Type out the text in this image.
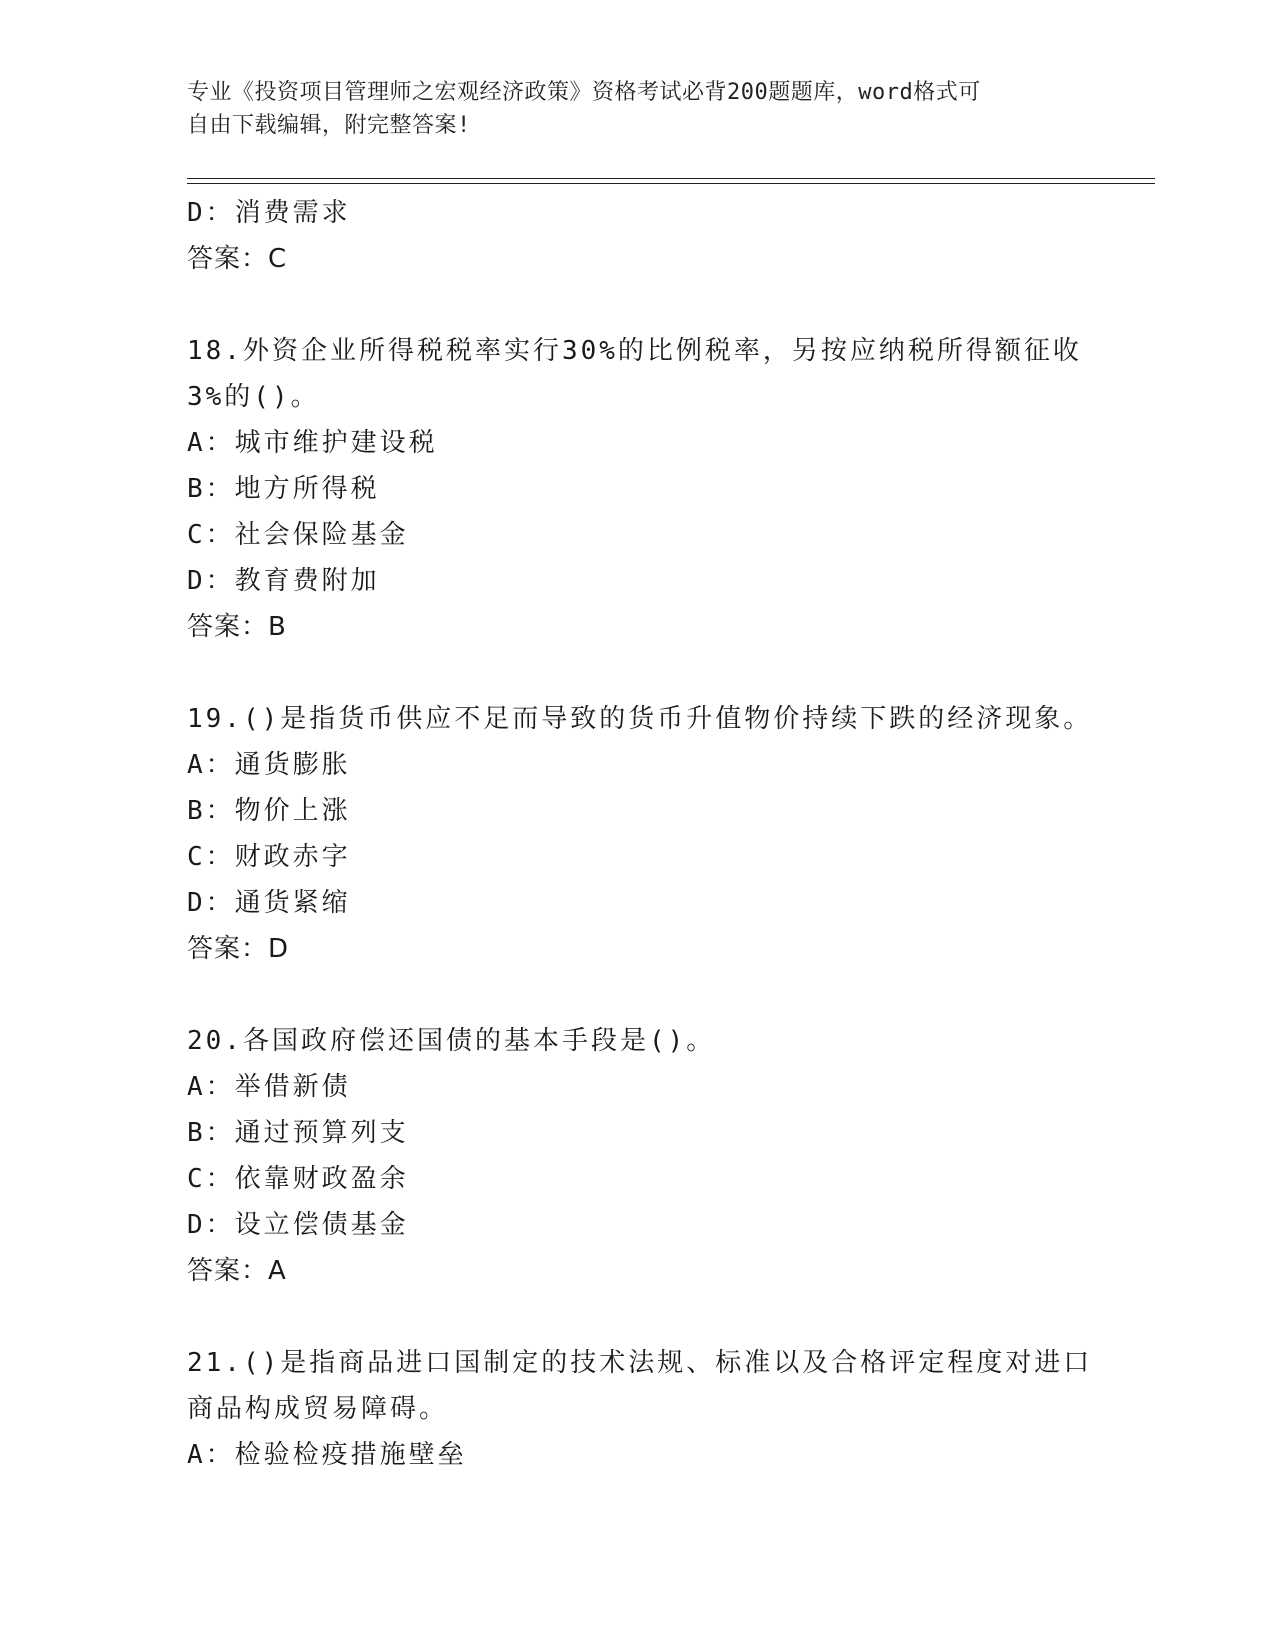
专业《投资项目管理师之宏观经济政策》资格考试必背200题题库，word格式可
自由下载编辑，附完整答案!
D：消费需求
答案：C
18.外资企业所得税税率实行30%的比例税率，另按应纳税所得额征收
3%的()。
A：城市维护建设税
B：地方所得税
C：社会保险基金
D：教育费附加
答案：B
19.()是指货币供应不足而导致的货币升值物价持续下跌的经济现象。
A：通货膨胀
B：物价上涨
C：财政赤字
D：通货紧缩
答案：D
20.各国政府偿还国债的基本手段是()。
A：举借新债
B：通过预算列支
C：依靠财政盈余
D：设立偿债基金
答案：A
21.()是指商品进口国制定的技术法规、标准以及合格评定程度对进口
商品构成贸易障碍。
A：检验检疫措施壁垒
